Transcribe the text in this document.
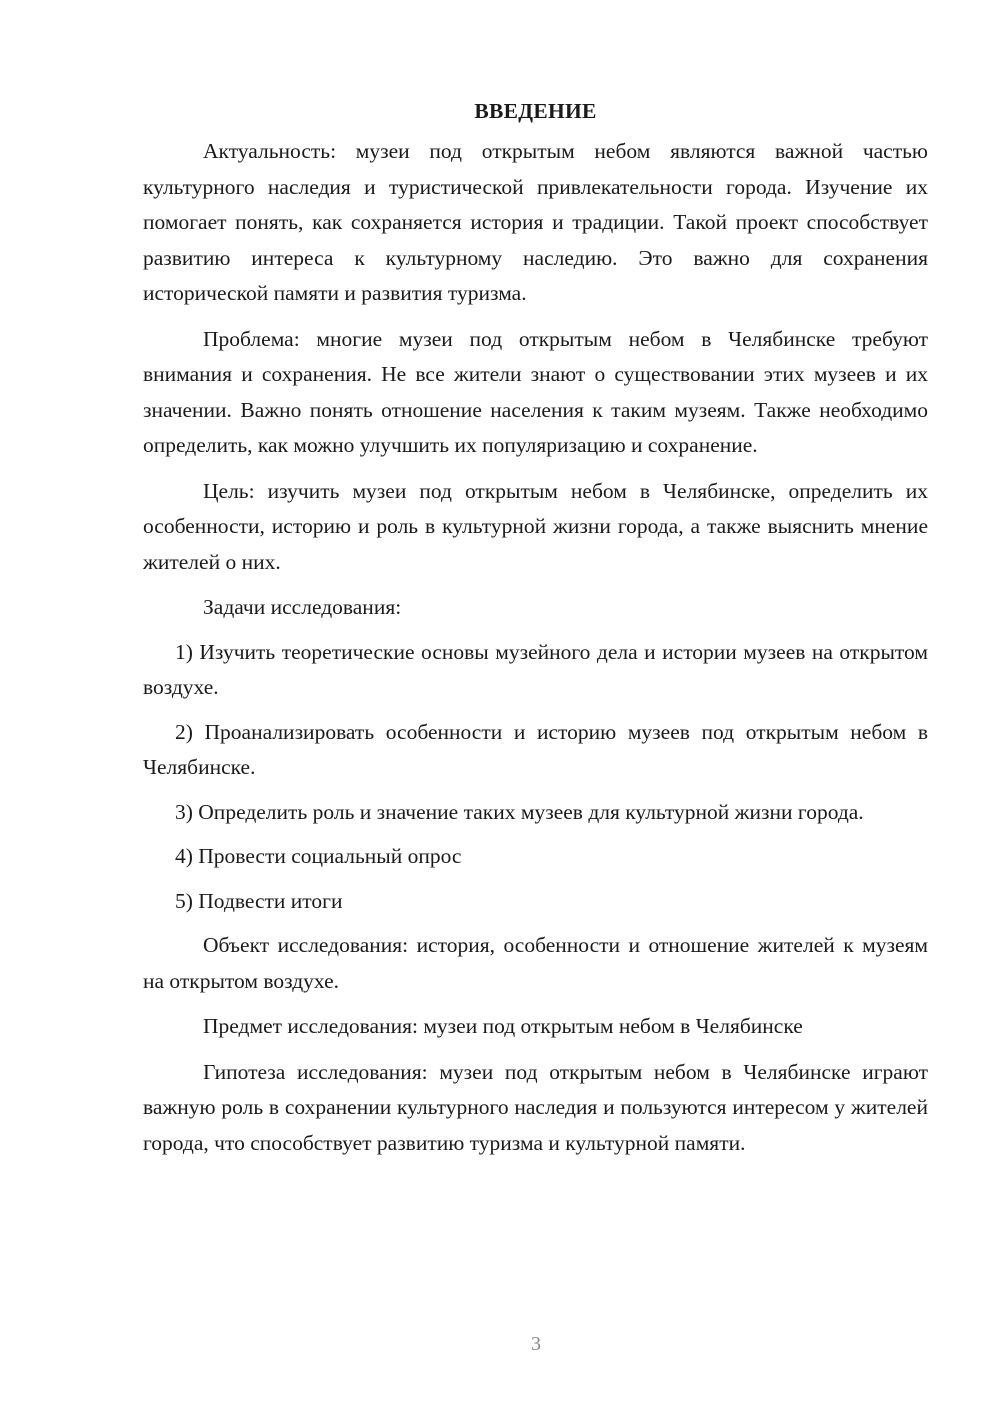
ВВЕДЕНИЕ

Актуальность: музеи под открытым небом являются важной частью культурного наследия и туристической привлекательности города. Изучение их помогает понять, как сохраняется история и традиции. Такой проект способствует развитию интереса к культурному наследию. Это важно для сохранения исторической памяти и развития туризма.

Проблема: многие музеи под открытым небом в Челябинске требуют внимания и сохранения. Не все жители знают о существовании этих музеев и их значении. Важно понять отношение населения к таким музеям. Также необходимо определить, как можно улучшить их популяризацию и сохранение.

Цель: изучить музеи под открытым небом в Челябинске, определить их особенности, историю и роль в культурной жизни города, а также выяснить мнение жителей о них.

Задачи исследования:

1) Изучить теоретические основы музейного дела и истории музеев на открытом воздухе.

2) Проанализировать особенности и историю музеев под открытым небом в Челябинске.

3) Определить роль и значение таких музеев для культурной жизни города.

4) Провести социальный опрос

5) Подвести итоги

Объект исследования: история, особенности и отношение жителей к музеям на открытом воздухе.

Предмет исследования: музеи под открытым небом в Челябинске

Гипотеза исследования: музеи под открытым небом в Челябинске играют важную роль в сохранении культурного наследия и пользуются интересом у жителей города, что способствует развитию туризма и культурной памяти.

3
